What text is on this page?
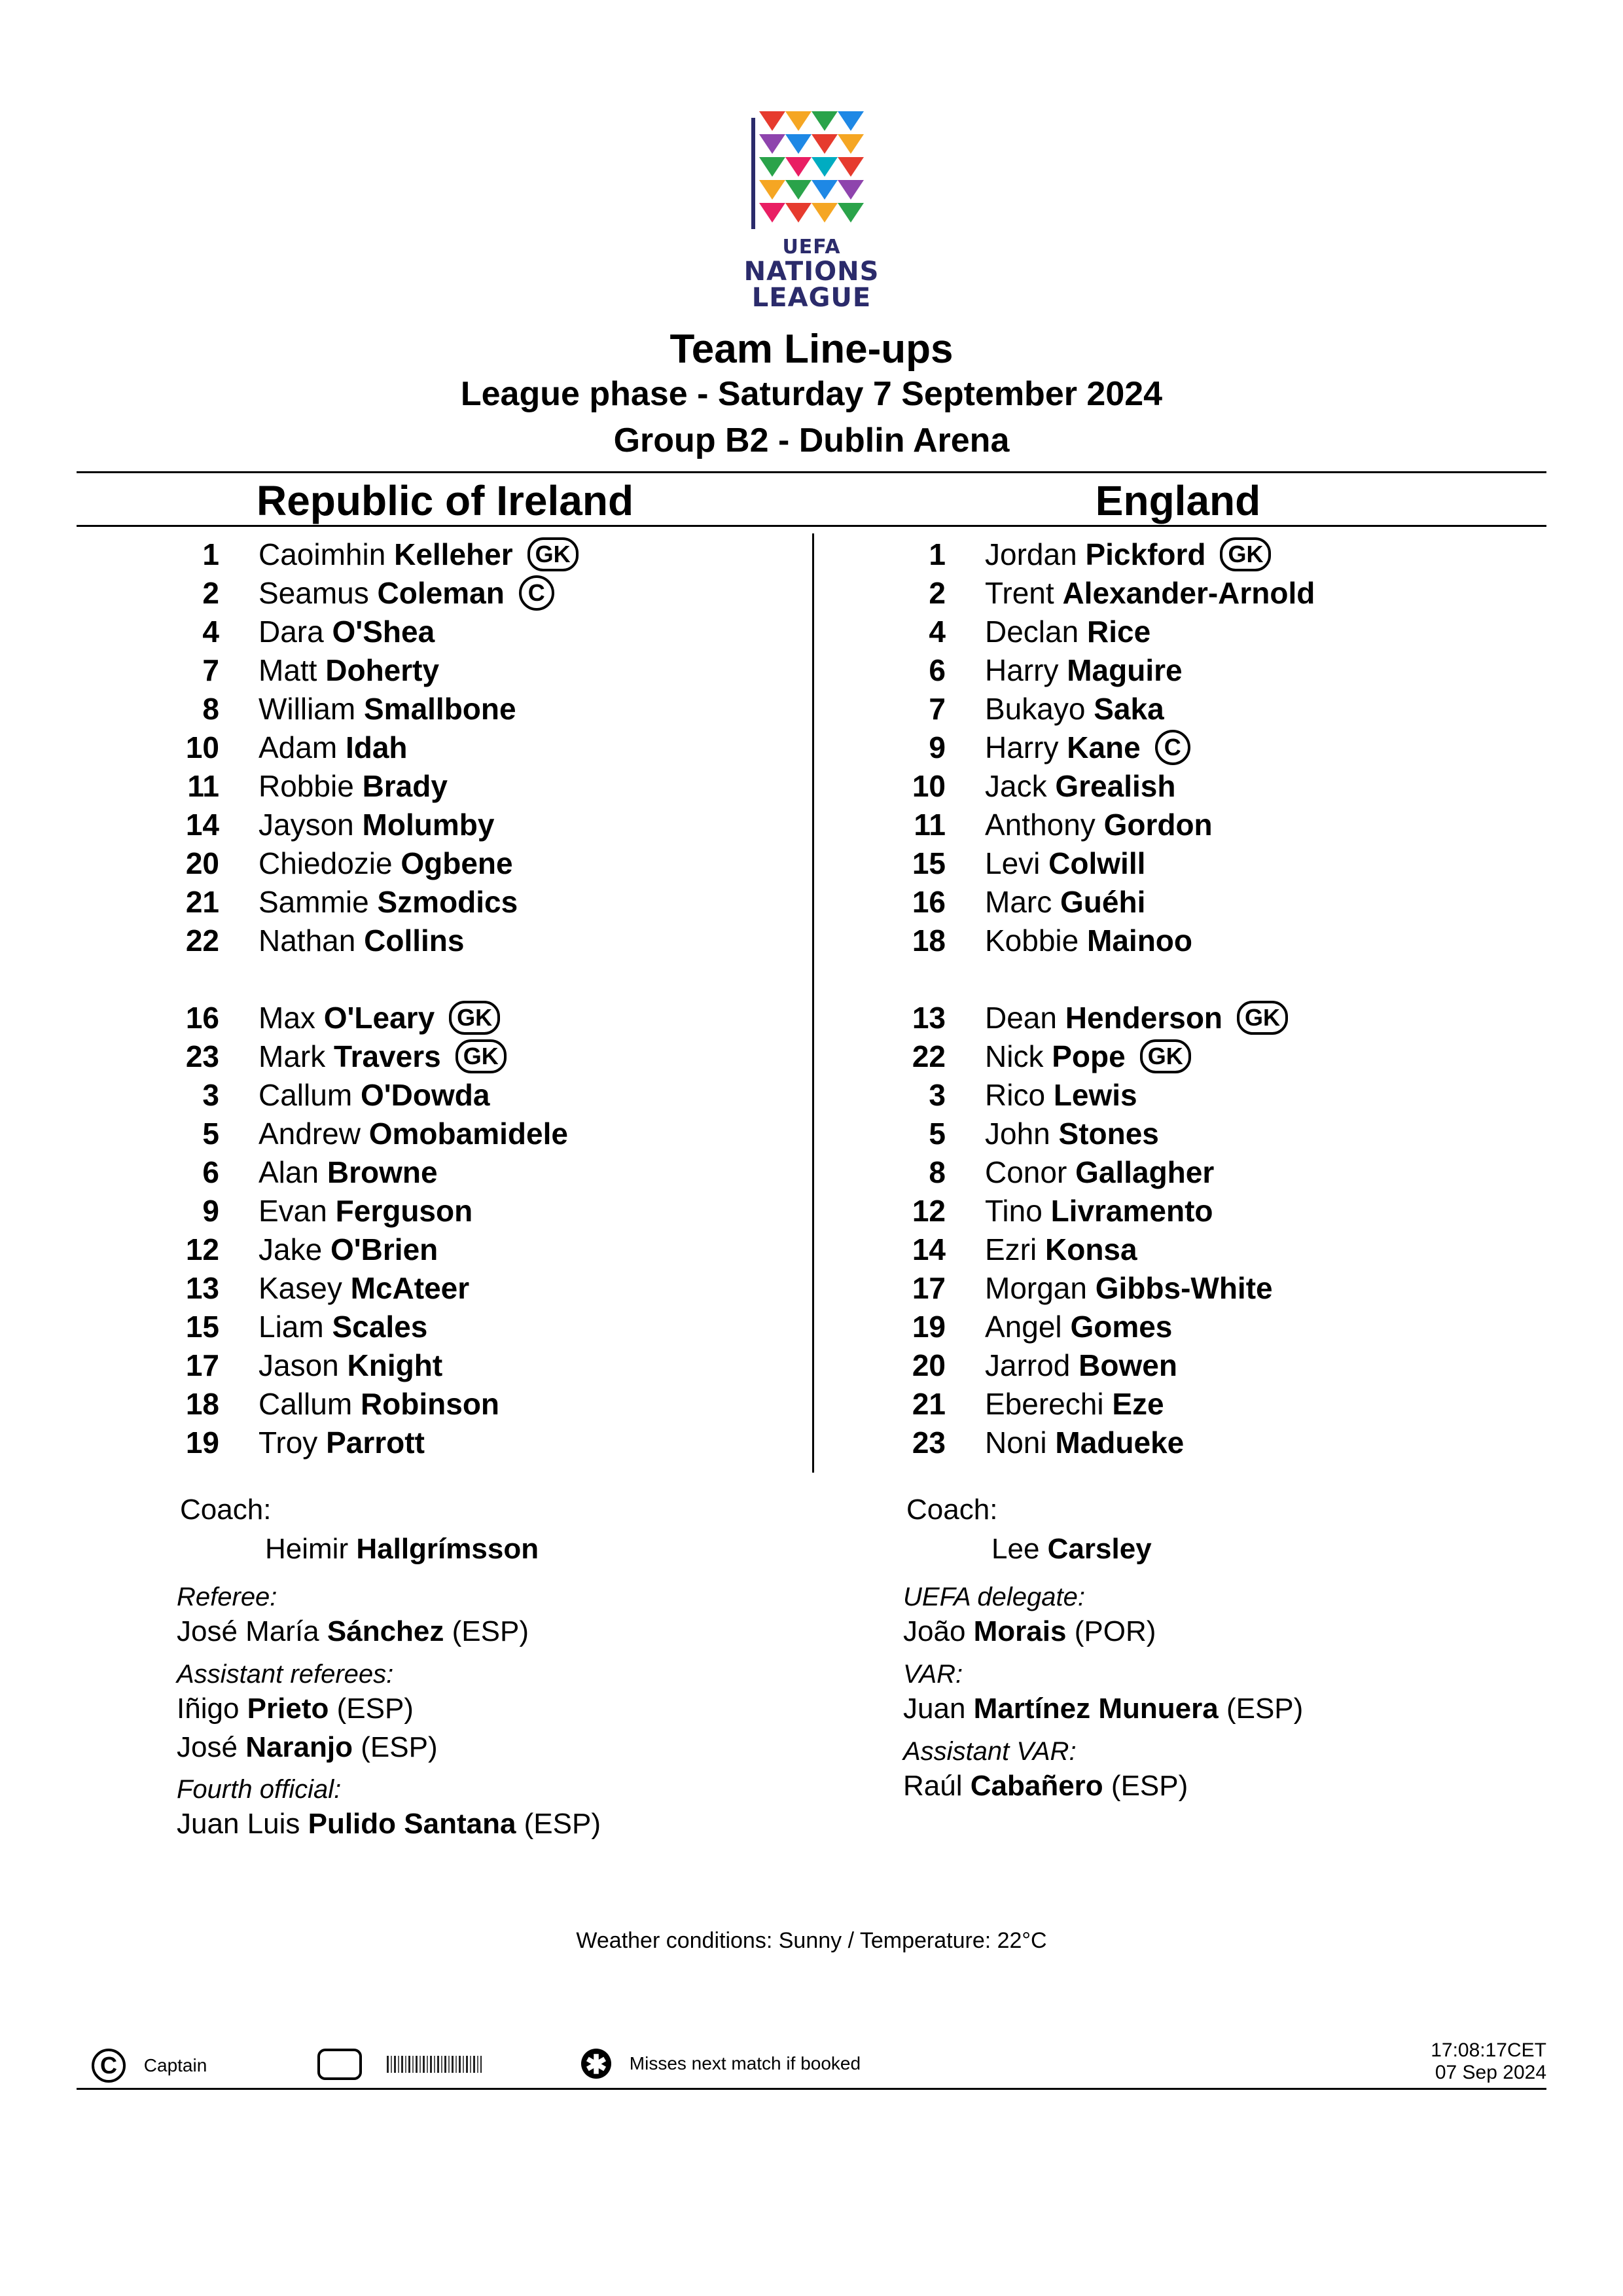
UEFA
NATIONS
LEAGUE
Team Line-ups
League phase - Saturday 7 September 2024
Group B2 - Dublin Arena
Republic of Ireland	England
1 Caoimhin Kelleher GK
2 Seamus Coleman C
4 Dara O'Shea
7 Matt Doherty
8 William Smallbone
10 Adam Idah
11 Robbie Brady
14 Jayson Molumby
20 Chiedozie Ogbene
21 Sammie Szmodics
22 Nathan Collins
16 Max O'Leary GK
23 Mark Travers GK
3 Callum O'Dowda
5 Andrew Omobamidele
6 Alan Browne
9 Evan Ferguson
12 Jake O'Brien
13 Kasey McAteer
15 Liam Scales
17 Jason Knight
18 Callum Robinson
19 Troy Parrott
1 Jordan Pickford GK
2 Trent Alexander-Arnold
4 Declan Rice
6 Harry Maguire
7 Bukayo Saka
9 Harry Kane C
10 Jack Grealish
11 Anthony Gordon
15 Levi Colwill
16 Marc Guéhi
18 Kobbie Mainoo
13 Dean Henderson GK
22 Nick Pope GK
3 Rico Lewis
5 John Stones
8 Conor Gallagher
12 Tino Livramento
14 Ezri Konsa
17 Morgan Gibbs-White
19 Angel Gomes
20 Jarrod Bowen
21 Eberechi Eze
23 Noni Madueke
Coach:
Heimir Hallgrímsson
Coach:
Lee Carsley
Referee:
José María Sánchez (ESP)
Assistant referees:
Iñigo Prieto (ESP)
José Naranjo (ESP)
Fourth official:
Juan Luis Pulido Santana (ESP)
UEFA delegate:
João Morais (POR)
VAR:
Juan Martínez Munuera (ESP)
Assistant VAR:
Raúl Cabañero (ESP)
Weather conditions: Sunny / Temperature: 22°C
C Captain
	✱ Misses next match if booked
17:08:17CET
07 Sep 2024
